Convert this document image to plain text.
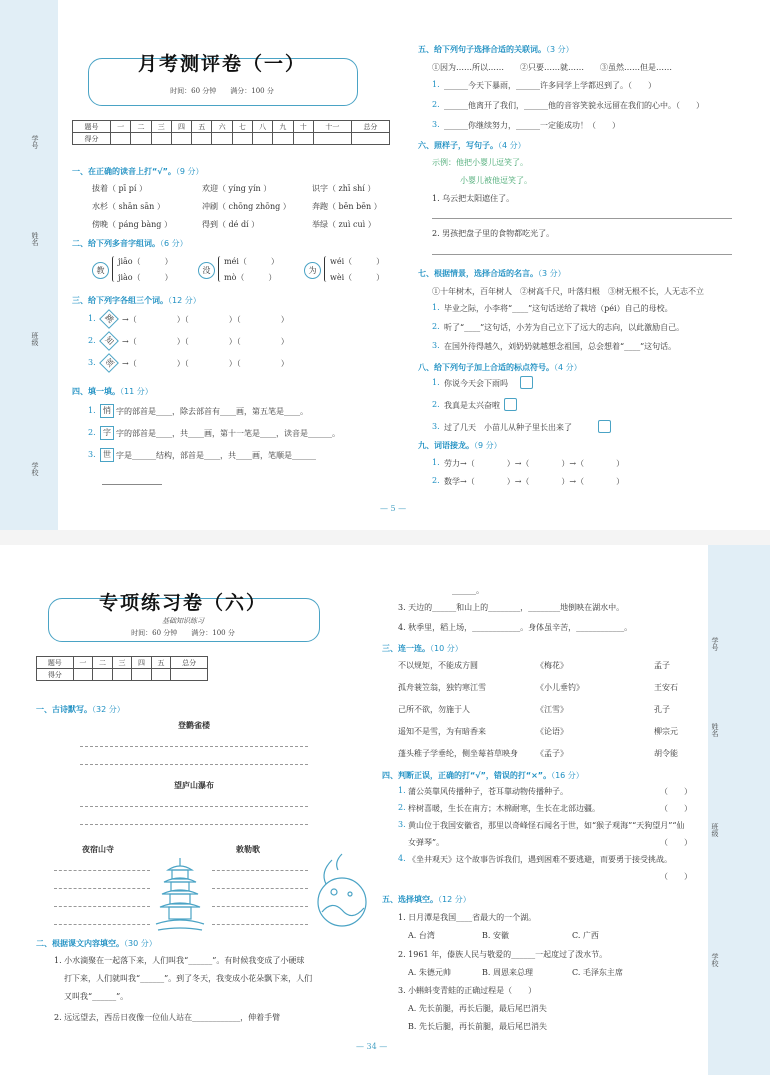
学号
姓名
班级
学校
月考测评卷（一）
时间：60 分钟　　满分：100 分
题号	一	二	三	四	五	六	七	八	九	十	十一	总分
得分												
一、在正确的读音上打“√”。（9 分）
拔着（ pī pí ）	欢迎（ yíng yín ）	识字（ zhī shí ）
水杉（ shān sān ）	冲刷（ chōng zhōng ）	奔跑（ bēn bēn ）
傍晚（ páng bàng ）	得到（ dé dí ）	举绿（ zuì cuì ）
二、给下列多音字组词。（6 分）
教
jiāo（　　　）
jiào（　　　）
没
méi（　　　）
mò（　　　）
为
wéi（　　　）
wèi（　　　）
三、给下列字各组三个词。（12 分）
1. 跳 →（　　　　　）（　　　　　）（　　　　　）
2. 知 →（　　　　　）（　　　　　）（　　　　　）
3. 领 →（　　　　　）（　　　　　）（　　　　　）
四、填一填。（11 分）
1. 悄 字的部首是____，除去部首有____画，第五笔是____。
2. 字 字的部首是____，共____画，第十一笔是____，读音是______。
3. 世 字是______结构，部首是____，共____画，笔顺是______
五、给下列句子选择合适的关联词。（3 分）
①因为……所以……　　②只要……就……　　③虽然……但是……
1. ______今天下暴雨，______许多同学上学都迟到了。（　　）
2. ______他离开了我们，______他的音容笑貌永远留在我们的心中。（　　）
3. ______你继续努力，______一定能成功！（　　）
六、照样子，写句子。（4 分）
示例：他把小婴儿逗笑了。
小婴儿被他逗笑了。
1. 乌云把太阳遮住了。
2. 男孩把盘子里的食物都吃光了。
七、根据情景，选择合适的名言。（3 分）
①十年树木，百年树人　②树高千尺，叶落归根　③树无根不长，人无志不立
1. 毕业之际，小李将“____”这句话送给了栽培（péi）自己的母校。
2. 听了“____”这句话，小芳为自己立下了远大的志向，以此激励自己。
3. 在国外待得越久，刘奶奶就越想念祖国，总会想着“____”这句话。
八、给下列句子加上合适的标点符号。（4 分）
1. 你说今天会下雨吗
2. 我真是太兴奋啦
3. 过了几天　小苗儿从种子里长出来了
九、词语接龙。（9 分）
1. 劳力→（　　　　）→（　　　　）→（　　　　）
2. 数学→（　　　　）→（　　　　）→（　　　　）
— 5 —
学号
姓名
班级
学校
专项练习卷（六）
基础知识练习
时间：60 分钟　　满分：100 分
题号	一	二	三	四	五	总分
得分						
一、古诗默写。（32 分）
登鹳雀楼
望庐山瀑布
夜宿山寺	敕勒歌
二、根据课文内容填空。（30 分）
1. 小水滴聚在一起落下来，人们叫我“______”。有时候我变成了小硬球
打下来，人们就叫我“______”。到了冬天，我变成小花朵飘下来，人们
又叫我“______”。
2. 远远望去，西岳日夜像一位仙人站在____________，伸着手臂
______。
3. 天边的______和山上的________，________地倒映在湖水中。
4. 秋季里，稻上场，____________。身体虽辛苦，____________。
三、连一连。（10 分）
不以规矩，不能成方圆	《梅花》	孟子
孤舟蓑笠翁，独钓寒江雪	《小儿垂钓》	王安石
己所不欲，勿施于人	《江雪》	孔子
遥知不是雪，为有暗香来	《论语》	柳宗元
蓬头稚子学垂纶，侧坐莓苔草映身 《孟子》	胡令能
四、判断正误，正确的打“√”，错误的打“×”。（16 分）
1. 蒲公英靠风传播种子，苍耳靠动物传播种子。	（　　）
2. 梓树喜暖，生长在南方；木棉耐寒，生长在北部边疆。	（　　）
3. 黄山位于我国安徽省，那里以奇峰怪石闻名于世，如“猴子观海”“天狗望月”“仙
女弹琴”。	（　　）
4. 《坐井观天》这个故事告诉我们，遇到困难不要逃避，而要勇于接受挑战。
（　　）
五、选择填空。（12 分）
1. 日月潭是我国____省最大的一个湖。
A. 台湾	B. 安徽	C. 广西
2. 1961 年，傣族人民与敬爱的______一起度过了泼水节。
A. 朱德元帅	B. 周恩来总理	C. 毛泽东主席
3. 小蝌蚪变青蛙的正确过程是（　　）
A. 先长前腿，再长后腿，最后尾巴消失
B. 先长后腿，再长前腿，最后尾巴消失
— 34 —
